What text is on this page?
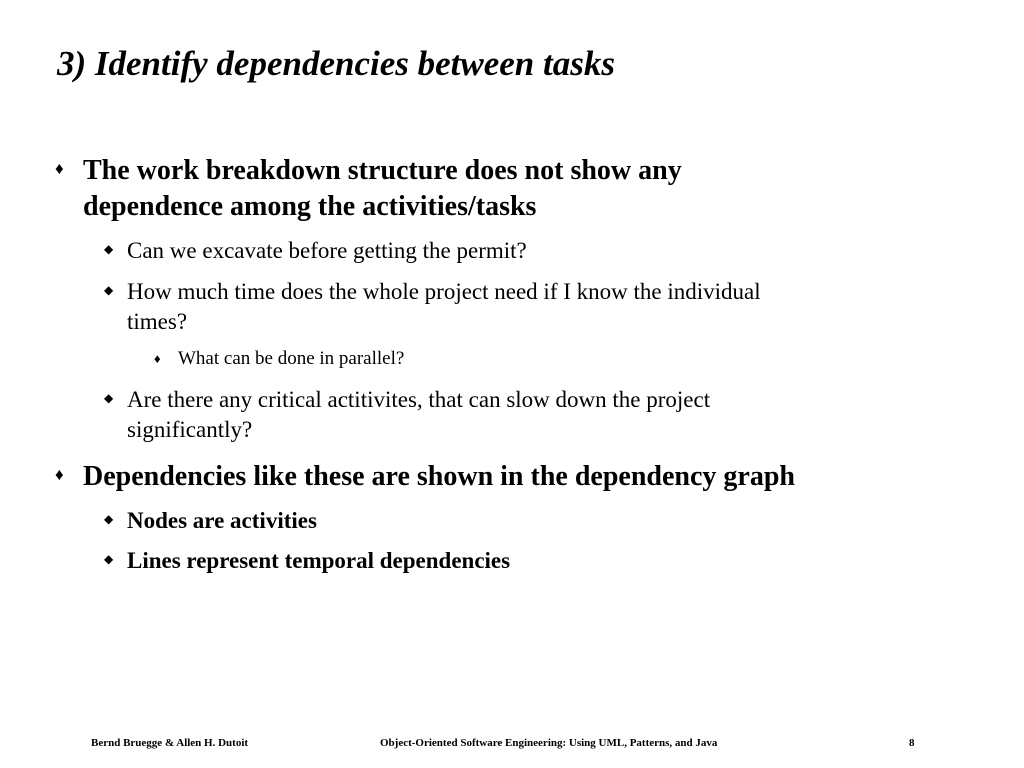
3) Identify dependencies between tasks
♦ The work breakdown structure does not show any
dependence among the activities/tasks
◆ Can we excavate before getting the permit?
◆ How much time does the whole project need if I know the individual
times?
♦ What can be done in parallel?
◆ Are there any critical actitivites, that can slow down the project
significantly?
♦ Dependencies like these are shown in the dependency graph
◆ Nodes are activities
◆ Lines represent temporal dependencies
Bernd Bruegge & Allen H. Dutoit	Object-Oriented Software Engineering: Using UML, Patterns, and Java	8
